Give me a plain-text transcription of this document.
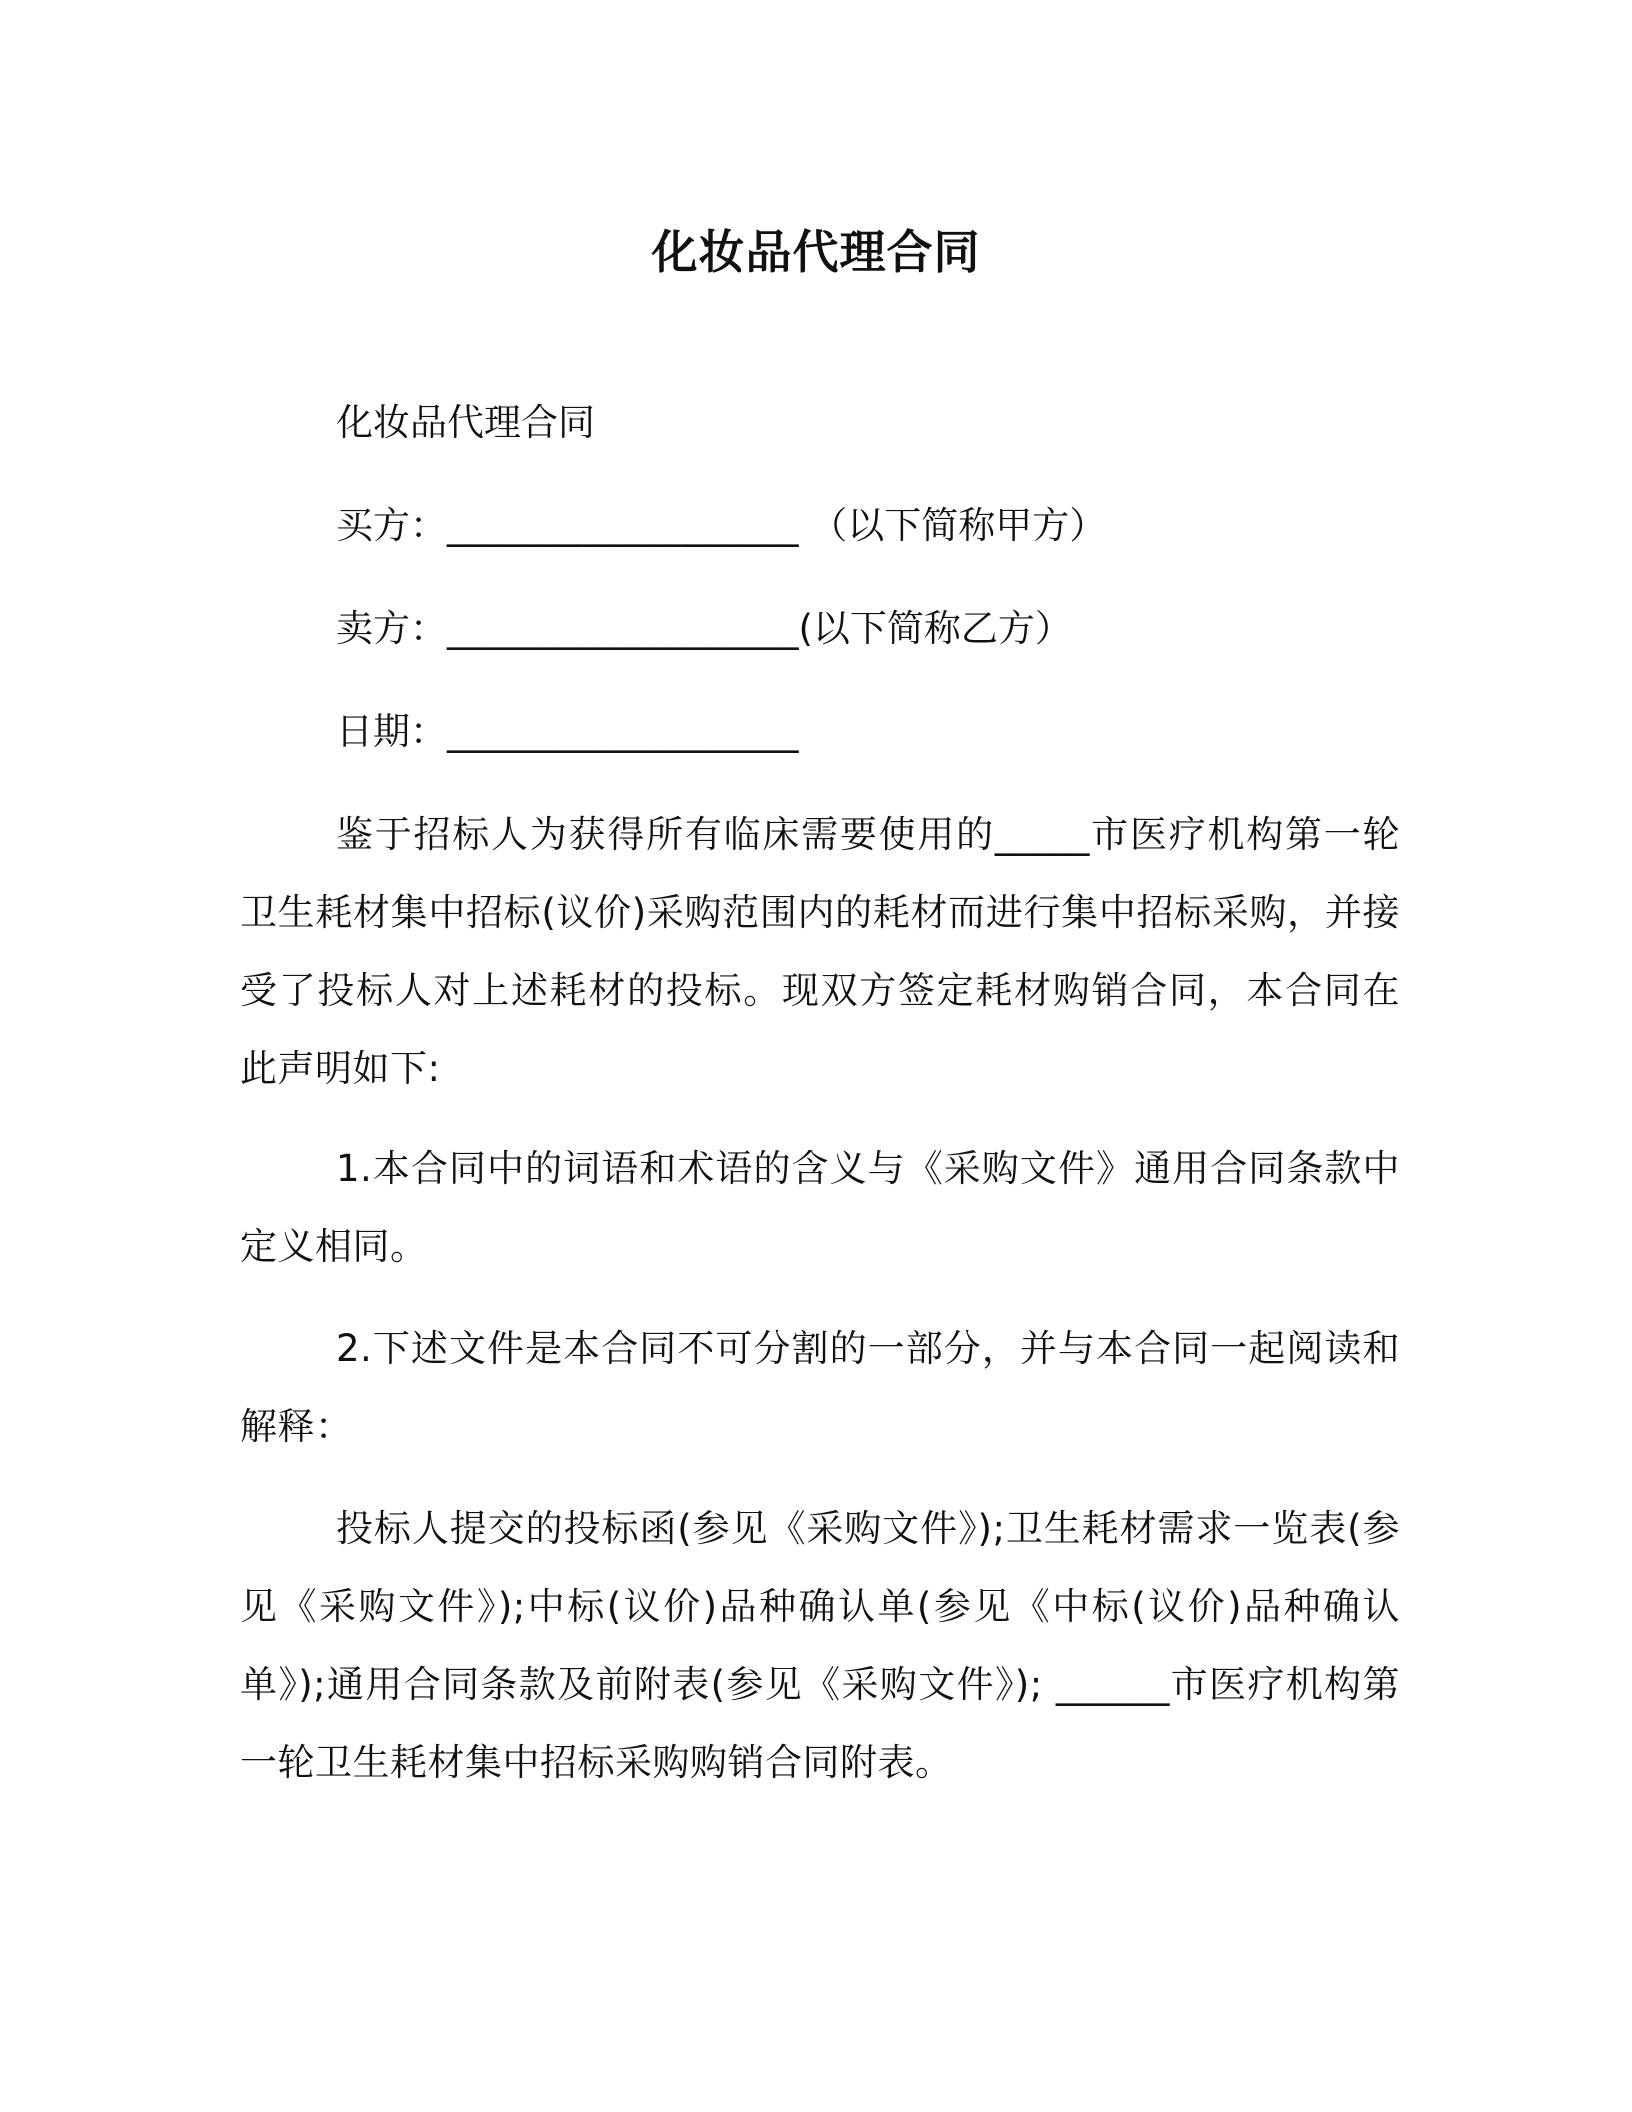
化妆品代理合同
化妆品代理合同
买方：___________________ （以下简称甲方）
卖方：___________________(以下简称乙方）
日期：___________________
鉴于招标人为获得所有临床需要使用的_____市医疗机构第一轮卫生耗材集中招标(议价)采购范围内的耗材而进行集中招标采购，并接受了投标人对上述耗材的投标。现双方签定耗材购销合同，本合同在此声明如下:
1.本合同中的词语和术语的含义与《采购文件》通用合同条款中定义相同。
2.下述文件是本合同不可分割的一部分，并与本合同一起阅读和解释：
投标人提交的投标函(参见《采购文件》);卫生耗材需求一览表(参见《采购文件》);中标(议价)品种确认单(参见《中标(议价)品种确认单》);通用合同条款及前附表(参见《采购文件》); ______市医疗机构第一轮卫生耗材集中招标采购购销合同附表。
